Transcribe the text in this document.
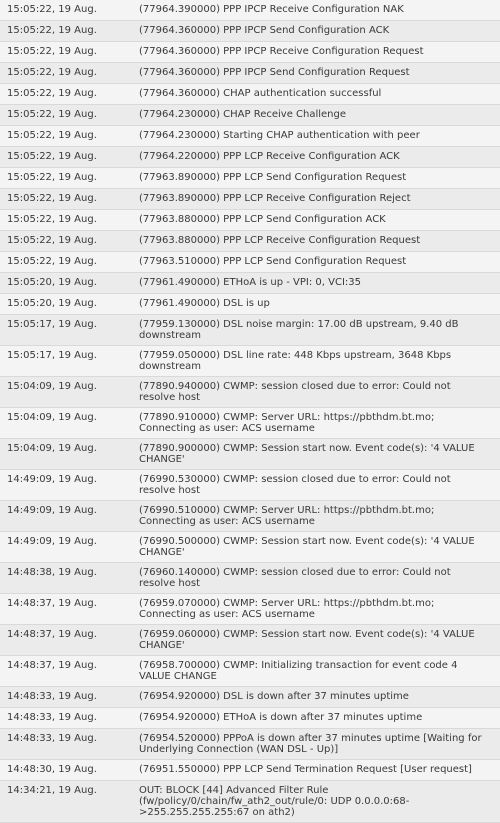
15:05:22, 19 Aug.	(77964.390000) PPP IPCP Receive Configuration NAK
15:05:22, 19 Aug.	(77964.360000) PPP IPCP Send Configuration ACK
15:05:22, 19 Aug.	(77964.360000) PPP IPCP Receive Configuration Request
15:05:22, 19 Aug.	(77964.360000) PPP IPCP Send Configuration Request
15:05:22, 19 Aug.	(77964.360000) CHAP authentication successful
15:05:22, 19 Aug.	(77964.230000) CHAP Receive Challenge
15:05:22, 19 Aug.	(77964.230000) Starting CHAP authentication with peer
15:05:22, 19 Aug.	(77964.220000) PPP LCP Receive Configuration ACK
15:05:22, 19 Aug.	(77963.890000) PPP LCP Send Configuration Request
15:05:22, 19 Aug.	(77963.890000) PPP LCP Receive Configuration Reject
15:05:22, 19 Aug.	(77963.880000) PPP LCP Send Configuration ACK
15:05:22, 19 Aug.	(77963.880000) PPP LCP Receive Configuration Request
15:05:22, 19 Aug.	(77963.510000) PPP LCP Send Configuration Request
15:05:20, 19 Aug.	(77961.490000) ETHoA is up - VPI: 0, VCI:35
15:05:20, 19 Aug.	(77961.490000) DSL is up
15:05:17, 19 Aug.	(77959.130000) DSL noise margin: 17.00 dB upstream, 9.40 dB downstream
15:05:17, 19 Aug.	(77959.050000) DSL line rate: 448 Kbps upstream, 3648 Kbps downstream
15:04:09, 19 Aug.	(77890.940000) CWMP: session closed due to error: Could not resolve host
15:04:09, 19 Aug.	(77890.910000) CWMP: Server URL: https://pbthdm.bt.mo; Connecting as user: ACS username
15:04:09, 19 Aug.	(77890.900000) CWMP: Session start now. Event code(s): '4 VALUE CHANGE'
14:49:09, 19 Aug.	(76990.530000) CWMP: session closed due to error: Could not resolve host
14:49:09, 19 Aug.	(76990.510000) CWMP: Server URL: https://pbthdm.bt.mo; Connecting as user: ACS username
14:49:09, 19 Aug.	(76990.500000) CWMP: Session start now. Event code(s): '4 VALUE CHANGE'
14:48:38, 19 Aug.	(76960.140000) CWMP: session closed due to error: Could not resolve host
14:48:37, 19 Aug.	(76959.070000) CWMP: Server URL: https://pbthdm.bt.mo; Connecting as user: ACS username
14:48:37, 19 Aug.	(76959.060000) CWMP: Session start now. Event code(s): '4 VALUE CHANGE'
14:48:37, 19 Aug.	(76958.700000) CWMP: Initializing transaction for event code 4 VALUE CHANGE
14:48:33, 19 Aug.	(76954.920000) DSL is down after 37 minutes uptime
14:48:33, 19 Aug.	(76954.920000) ETHoA is down after 37 minutes uptime
14:48:33, 19 Aug.	(76954.520000) PPPoA is down after 37 minutes uptime [Waiting for Underlying Connection (WAN DSL - Up)]
14:48:30, 19 Aug.	(76951.550000) PPP LCP Send Termination Request [User request]
14:34:21, 19 Aug.	OUT: BLOCK [44] Advanced Filter Rule (fw/policy/0/chain/fw_ath2_out/rule/0: UDP 0.0.0.0:68->255.255.255.255:67 on ath2)
